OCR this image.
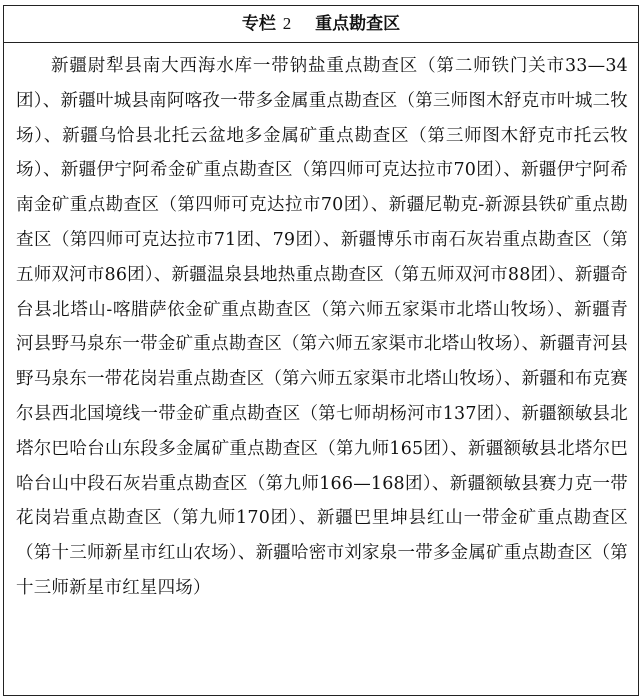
专栏 2 重点勘查区
新疆尉犁县南大西海水库一带钠盐重点勘查区（第二师铁门关市33—34团）、新疆叶城县南阿喀孜一带多金属重点勘查区（第三师图木舒克市叶城二牧场）、新疆乌恰县北托云盆地多金属矿重点勘查区（第三师图木舒克市托云牧场）、新疆伊宁阿希金矿重点勘查区（第四师可克达拉市70团）、新疆伊宁阿希南金矿重点勘查区（第四师可克达拉市70团）、新疆尼勒克-新源县铁矿重点勘查区（第四师可克达拉市71团、79团）、新疆博乐市南石灰岩重点勘查区（第五师双河市86团）、新疆温泉县地热重点勘查区（第五师双河市88团）、新疆奇台县北塔山-喀腊萨依金矿重点勘查区（第六师五家渠市北塔山牧场）、新疆青河县野马泉东一带金矿重点勘查区（第六师五家渠市北塔山牧场）、新疆青河县野马泉东一带花岗岩重点勘查区（第六师五家渠市北塔山牧场）、新疆和布克赛尔县西北国境线一带金矿重点勘查区（第七师胡杨河市137团）、新疆额敏县北塔尔巴哈台山东段多金属矿重点勘查区（第九师165团）、新疆额敏县北塔尔巴哈台山中段石灰岩重点勘查区（第九师166—168团）、新疆额敏县赛力克一带花岗岩重点勘查区（第九师170团）、新疆巴里坤县红山一带金矿重点勘查区（第十三师新星市红山农场）、新疆哈密市刘家泉一带多金属矿重点勘查区（第十三师新星市红星四场）
